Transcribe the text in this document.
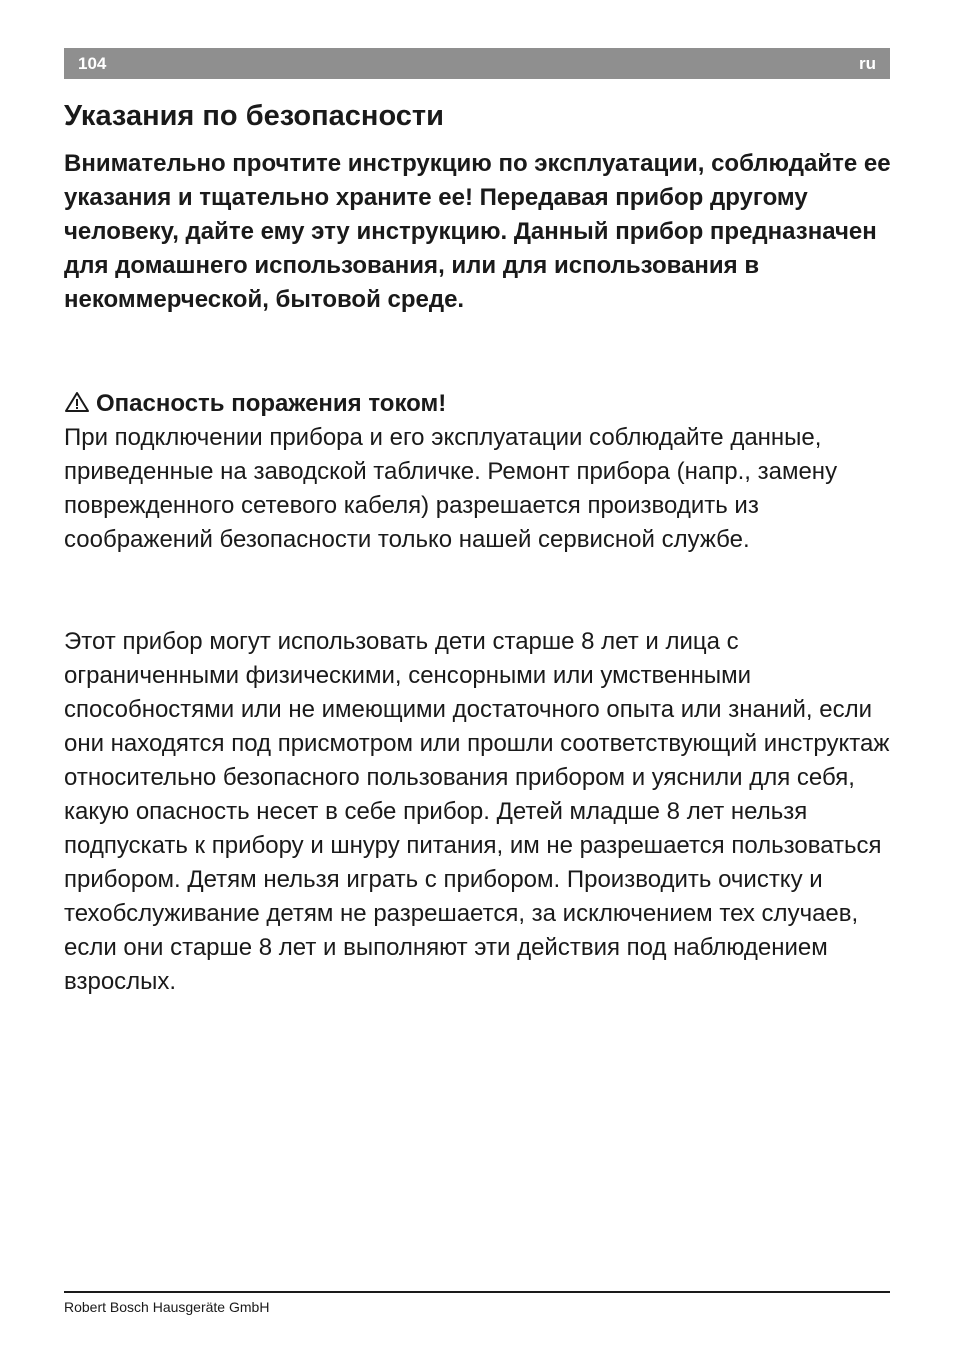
104	ru
Указания по безопасности

Внимательно прочтите инструкцию по эксплуатации, соблюдайте ее указания и тщательно храните ее! Передавая прибор другому человеку, дайте ему эту инструкцию. Данный прибор предназначен для домашнего использования, или для использования в некоммерческой, бытовой среде.

Опасность поражения током!

При подключении прибора и его эксплуатации соблюдайте данные, приведенные на заводской табличке. Ремонт прибора (напр., замену поврежденного сетевого кабеля) разрешается производить из соображений безопасности только нашей сервисной службе.

Этот прибор могут использовать дети старше 8 лет и лица с ограниченными физическими, сенсорными или умственными способностями или не имеющими достаточного опыта или знаний, если они находятся под присмотром или прошли соответствующий инструктаж относительно безопасного пользования прибором и уяснили для себя, какую опасность несет в себе прибор. Детей младше 8 лет нельзя подпускать к прибору и шнуру питания, им не разрешается пользоваться прибором. Детям нельзя играть с прибором. Производить очистку и техобслуживание детям не разрешается, за исключением тех случаев, если они старше 8 лет и выполняют эти действия под наблюдением взрослых.

Robert Bosch Hausgeräte GmbH
